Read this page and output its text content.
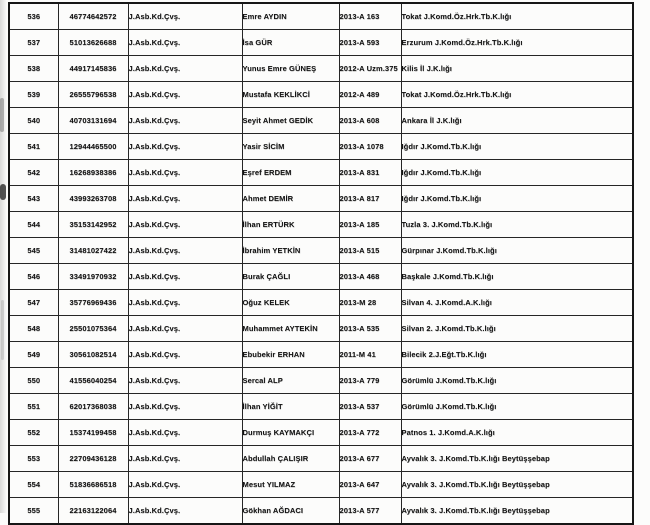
536	46774642572	J.Asb.Kd.Çvş.	Emre AYDIN	2013-A 163	Tokat J.Komd.Öz.Hrk.Tb.K.lığı
537	51013626688	J.Asb.Kd.Çvş.	İsa GÜR	2013-A 593	Erzurum J.Komd.Öz.Hrk.Tb.K.lığı
538	44917145836	J.Asb.Kd.Çvş.	Yunus Emre GÜNEŞ	2012-A Uzm.375	Kilis İl J.K.lığı
539	26555796538	J.Asb.Kd.Çvş.	Mustafa KEKLİKCİ	2012-A 489	Tokat J.Komd.Öz.Hrk.Tb.K.lığı
540	40703131694	J.Asb.Kd.Çvş.	Seyit Ahmet GEDİK	2013-A 608	Ankara İl J.K.lığı
541	12944465500	J.Asb.Kd.Çvş.	Yasir SİCİM	2013-A 1078	Iğdır J.Komd.Tb.K.lığı
542	16268938386	J.Asb.Kd.Çvş.	Eşref ERDEM	2013-A 831	Iğdır J.Komd.Tb.K.lığı
543	43993263708	J.Asb.Kd.Çvş.	Ahmet DEMİR	2013-A 817	Iğdır J.Komd.Tb.K.lığı
544	35153142952	J.Asb.Kd.Çvş.	İlhan ERTÜRK	2013-A 185	Tuzla 3. J.Komd.Tb.K.lığı
545	31481027422	J.Asb.Kd.Çvş.	İbrahim YETKİN	2013-A 515	Gürpınar J.Komd.Tb.K.lığı
546	33491970932	J.Asb.Kd.Çvş.	Burak ÇAĞLI	2013-A 468	Başkale J.Komd.Tb.K.lığı
547	35776969436	J.Asb.Kd.Çvş.	Oğuz KELEK	2013-M 28	Silvan 4. J.Komd.A.K.lığı
548	25501075364	J.Asb.Kd.Çvş.	Muhammet AYTEKİN	2013-A 535	Silvan 2. J.Komd.Tb.K.lığı
549	30561082514	J.Asb.Kd.Çvş.	Ebubekir ERHAN	2011-M 41	Bilecik 2.J.Eğt.Tb.K.lığı
550	41556040254	J.Asb.Kd.Çvş.	Sercal ALP	2013-A 779	Görümlü J.Komd.Tb.K.lığı
551	62017368038	J.Asb.Kd.Çvş.	İlhan YİĞİT	2013-A 537	Görümlü J.Komd.Tb.K.lığı
552	15374199458	J.Asb.Kd.Çvş.	Durmuş KAYMAKÇI	2013-A 772	Patnos 1. J.Komd.A.K.lığı
553	22709436128	J.Asb.Kd.Çvş.	Abdullah ÇALIŞIR	2013-A 677	Ayvalık 3. J.Komd.Tb.K.lığı Beytüşşebap
554	51836686518	J.Asb.Kd.Çvş.	Mesut YILMAZ	2013-A 647	Ayvalık 3. J.Komd.Tb.K.lığı Beytüşşebap
555	22163122064	J.Asb.Kd.Çvş.	Gökhan AĞDACI	2013-A 577	Ayvalık 3. J.Komd.Tb.K.lığı Beytüşşebap
